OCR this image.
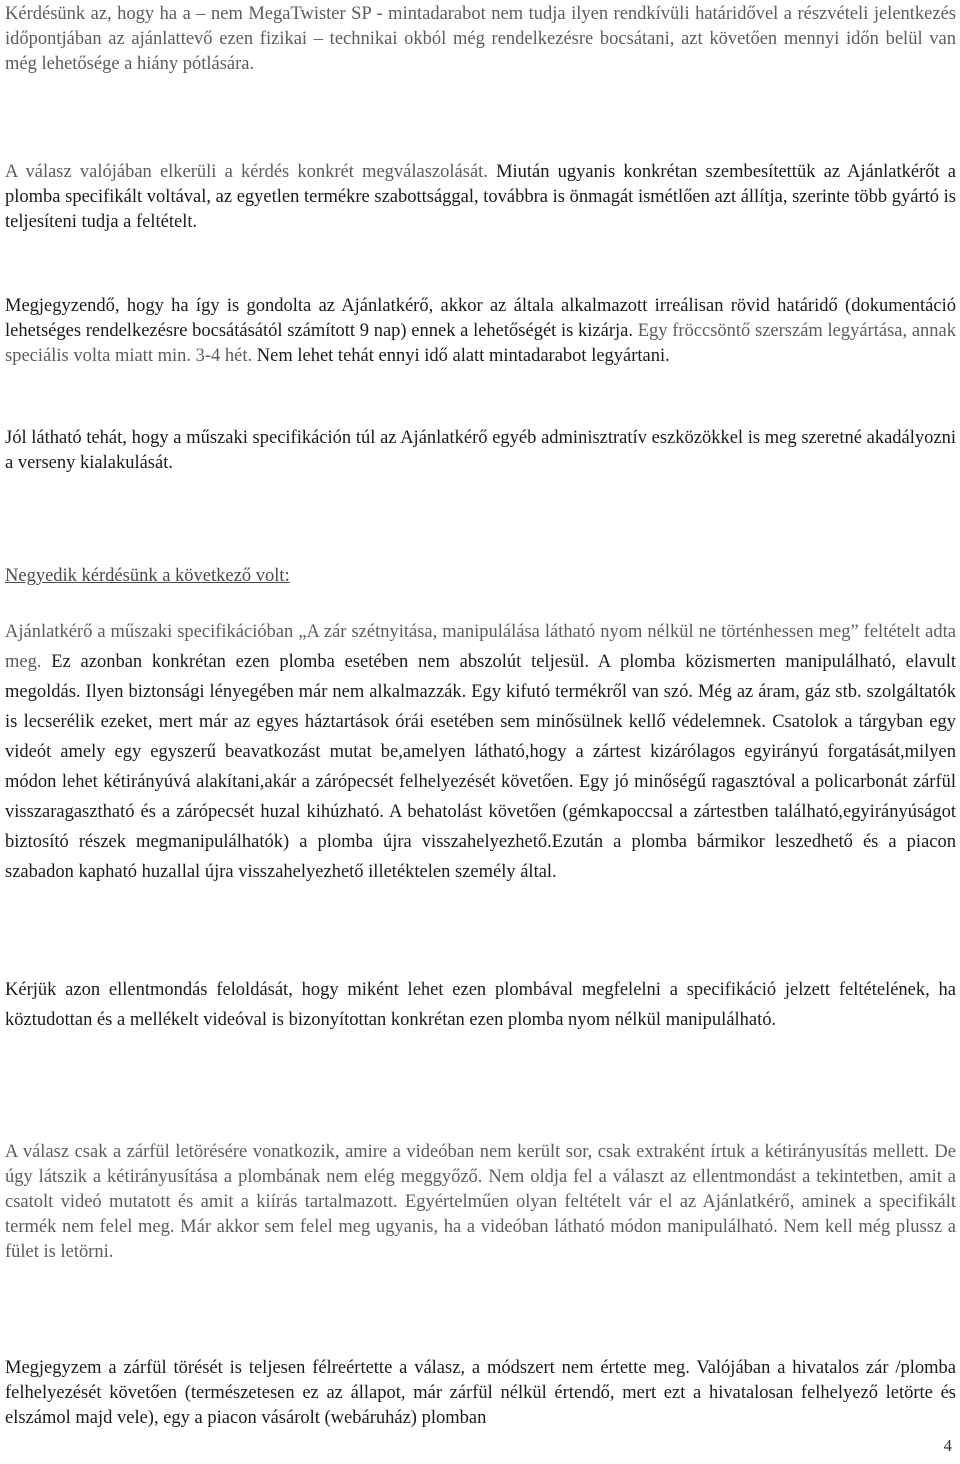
Kérdésünk az, hogy ha a – nem MegaTwister SP - mintadarabot nem tudja ilyen rendkívüli határidővel a részvételi jelentkezés időpontjában az ajánlattevő ezen fizikai – technikai okból még rendelkezésre bocsátani, azt követően mennyi időn belül van még lehetősége a hiány pótlására.

A válasz valójában elkerüli a kérdés konkrét megválaszolását. Miután ugyanis konkrétan szembesítettük az Ajánlatkérőt a plomba specifikált voltával, az egyetlen termékre szabottsággal, továbbra is önmagát ismétlően azt állítja, szerinte több gyártó is teljesíteni tudja a feltételt.

Megjegyzendő, hogy ha így is gondolta az Ajánlatkérő, akkor az általa alkalmazott irreálisan rövid határidő (dokumentáció lehetséges rendelkezésre bocsátásától számított 9 nap) ennek a lehetőségét is kizárja. Egy fröccsöntő szerszám legyártása, annak speciális volta miatt min. 3-4 hét. Nem lehet tehát ennyi idő alatt mintadarabot legyártani.

Jól látható tehát, hogy a műszaki specifikáción túl az Ajánlatkérő egyéb adminisztratív eszközökkel is meg szeretné akadályozni a verseny kialakulását.

Negyedik kérdésünk a következő volt:

Ajánlatkérő a műszaki specifikációban „A zár szétnyitása, manipulálása látható nyom nélkül ne történhessen meg” feltételt adta meg. Ez azonban konkrétan ezen plomba esetében nem abszolút teljesül. A plomba közismerten manipulálható, elavult megoldás. Ilyen biztonsági lényegében már nem alkalmazzák. Egy kifutó termékről van szó. Még az áram, gáz stb. szolgáltatók is lecserélik ezeket, mert már az egyes háztartások órái esetében sem minősülnek kellő védelemnek. Csatolok a tárgyban egy videót amely egy egyszerű beavatkozást mutat be,amelyen látható,hogy a zártest kizárólagos egyirányú forgatását,milyen módon lehet kétirányúvá alakítani,akár a zárópecsét felhelyezését követően. Egy jó minőségű ragasztóval a policarbonát zárfül visszaragasztható és a zárópecsét huzal kihúzható. A behatolást követően (gémkapoccsal a zártestben található,egyirányúságot biztosító részek megmanipulálhatók) a plomba újra visszahelyezhető.Ezután a plomba bármikor leszedhető és a piacon szabadon kapható huzallal újra visszahelyezhető illetéktelen személy által.

Kérjük azon ellentmondás feloldását, hogy miként lehet ezen plombával megfelelni a specifikáció jelzett feltételének, ha köztudottan és a mellékelt videóval is bizonyítottan konkrétan ezen plomba nyom nélkül manipulálható.

A válasz csak a zárfül letörésére vonatkozik, amire a videóban nem került sor, csak extraként írtuk a kétirányusítás mellett. De úgy látszik a kétirányusítása a plombának nem elég meggyőző. Nem oldja fel a választ az ellentmondást a tekintetben, amit a csatolt videó mutatott és amit a kiírás tartalmazott. Egyértelműen olyan feltételt vár el az Ajánlatkérő, aminek a specifikált termék nem felel meg. Már akkor sem felel meg ugyanis, ha a videóban látható módon manipulálható. Nem kell még plussz a fület is letörni.

Megjegyzem a zárfül törését is teljesen félreértette a válasz, a módszert nem értette meg. Valójában a hivatalos zár /plomba felhelyezését követően (természetesen ez az állapot, már zárfül nélkül értendő, mert ezt a hivatalosan felhelyező letörte és elszámol majd vele), egy a piacon vásárolt (webáruház) plomban

4
